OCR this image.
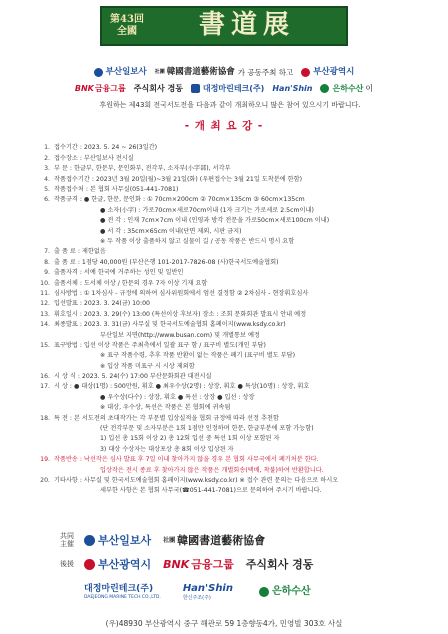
第43回
全國	書道展
부산일보사 社團 韓國書道藝術協會 가 공동주최 하고 부산광역시
BNK 금융그룹 주식회사 경동	대정마린테크(주) Han'Shin	은하수산 이
후원하는 제43회 전국서도전을 다음과 같이 개최하오니 많은 참여 있으시기 바랍니다.
- 개 최 요 강 -
1. 접수기간 : 2023. 5. 24 ~ 26(3일간)
2. 접수장소 : 부산일보사 전시실
3. 부 문 : 한글부, 한문부, 문인화부, 전각부, 소자부(小字部), 서각부
4. 작품접수기간 : 2023년 3월 20일(월)~3월 21일(화) (우편접수는 3월 21일 도착분에 한함)
5. 작품접수처 : 본 협회 사무실(051-441-7081)
6. 작품규격 : ● 한글, 한문, 문인화 : ① 70cm×200cm ② 70cm×135cm ③ 60cm×135cm
● 소자(小字) : 가로70cm×세로70cm이내 (1자 크기는 가로세로 2.5cm이내)
● 전 각 : 인재 7cm×7cm 이내 (인영과 방각 전문을 가로50cm×세로100cm 이내)
● 서 각 : 35cm×65cm 이내(단면 제외, 시판 금지)
※ 두 작품 이상 출품하지 않고 실물이 길 / 공동 작품은 반드시 명시 요함
7. 출 품 료 : 제한없음
8. 출 품 료 : 1점당 40,000원 (부산은행 101-2017-7826-08 (사)한국서도예술협회)
9. 출품자격 : 서예 한국에 거주하는 성인 및 일반인
10. 출품서체 : 도서체 이상 / 한문의 경우 7자 이상 기재 요함
11. 심사방법 : ① 1차심사 - 규정에 의하여 심사위원회에서 엄선 결정함 ② 2차심사 - 현장휘호심사
12. 입선발표 : 2023. 3. 24(금) 10:00
13. 휘호일시 : 2023. 3. 29(수) 13:00 (특선이상 후보자) 장소 : 조회 문화회관 발표시 안내 예정
14. 최종발표 : 2023. 3. 31(금) 사무실 및 한국서도예술협회 홈페이지(www.ksdy.co.kr)
부산일보 지면(http://www.busan.com) 및 개별통보 예정
15. 표구방법 : 입선 이상 작품은 주최측에서 일괄 표구 함 / 표구비 별도(개인 부담)
※ 표구 작품수령, 추후 작품 반환이 없는 작품은 폐기 (표구비 별도 부담)
※ 입상 작품 미표구 시 시상 제외함
16. 시 상 식 : 2023. 5. 24(수) 17:00 부산문화회관 대전시실
17. 시 상 : ● 대상(1명) : 500만원, 휘호 ● 최우수상(2명) : 상장, 휘호 ● 특상(10명) : 상장, 휘호
● 우수상(다수) : 상장, 휘호 ● 특선 : 상장 ● 입선 : 상장
※ 대상, 우수상, 특선은 작품은 본 협회에 귀속됨
18. 특 전 : 본 서도전의 초대작가는 각 부문별 입상실적을 협회 규정에 따라 선정 추천함
(단 전각부문 및 소자부분은 1회 1점만 인정하며 한문, 한글부분에 포함 가능함)
1) 입선 총 15회 이상 2) 총 12회 입선 중 특선 1회 이상 포함된 자
3) 대상 수상자는 대상포상 총 8회 이상 입상된 자
19. 작품반송 : 낙선작은 심사 발표 후 7일 이내 찾아가지 않을 경우 본 협회 사무국에서 폐기처분 한다.
입상작은 전시 종료 후 찾아가지 않은 작품은 개별회송(택배, 착불)하여 반환합니다.
20. 기타사항 : 사무실 및 한국서도예술협회 홈페이지(www.ksdy.co.kr) ※ 접수 관련 문의는 다음으로 하시오
세부한 사항은 본 협회 사무국(☎051-441-7081)으로 문의하여 주시기 바랍니다.
共同
主催 부산일보사 社團 韓國書道藝術協會
後援 부산광역시 BNK 금융그룹 주식회사 경동
대정마린테크(주)
DAEJEONG MARINE TECH CO.,LTD.
Han'Shin
한신주조(주)
은하수산
(우)48930 부산광역시 중구 해관로 59 1층향동4가, 민영빌 303호 사실
